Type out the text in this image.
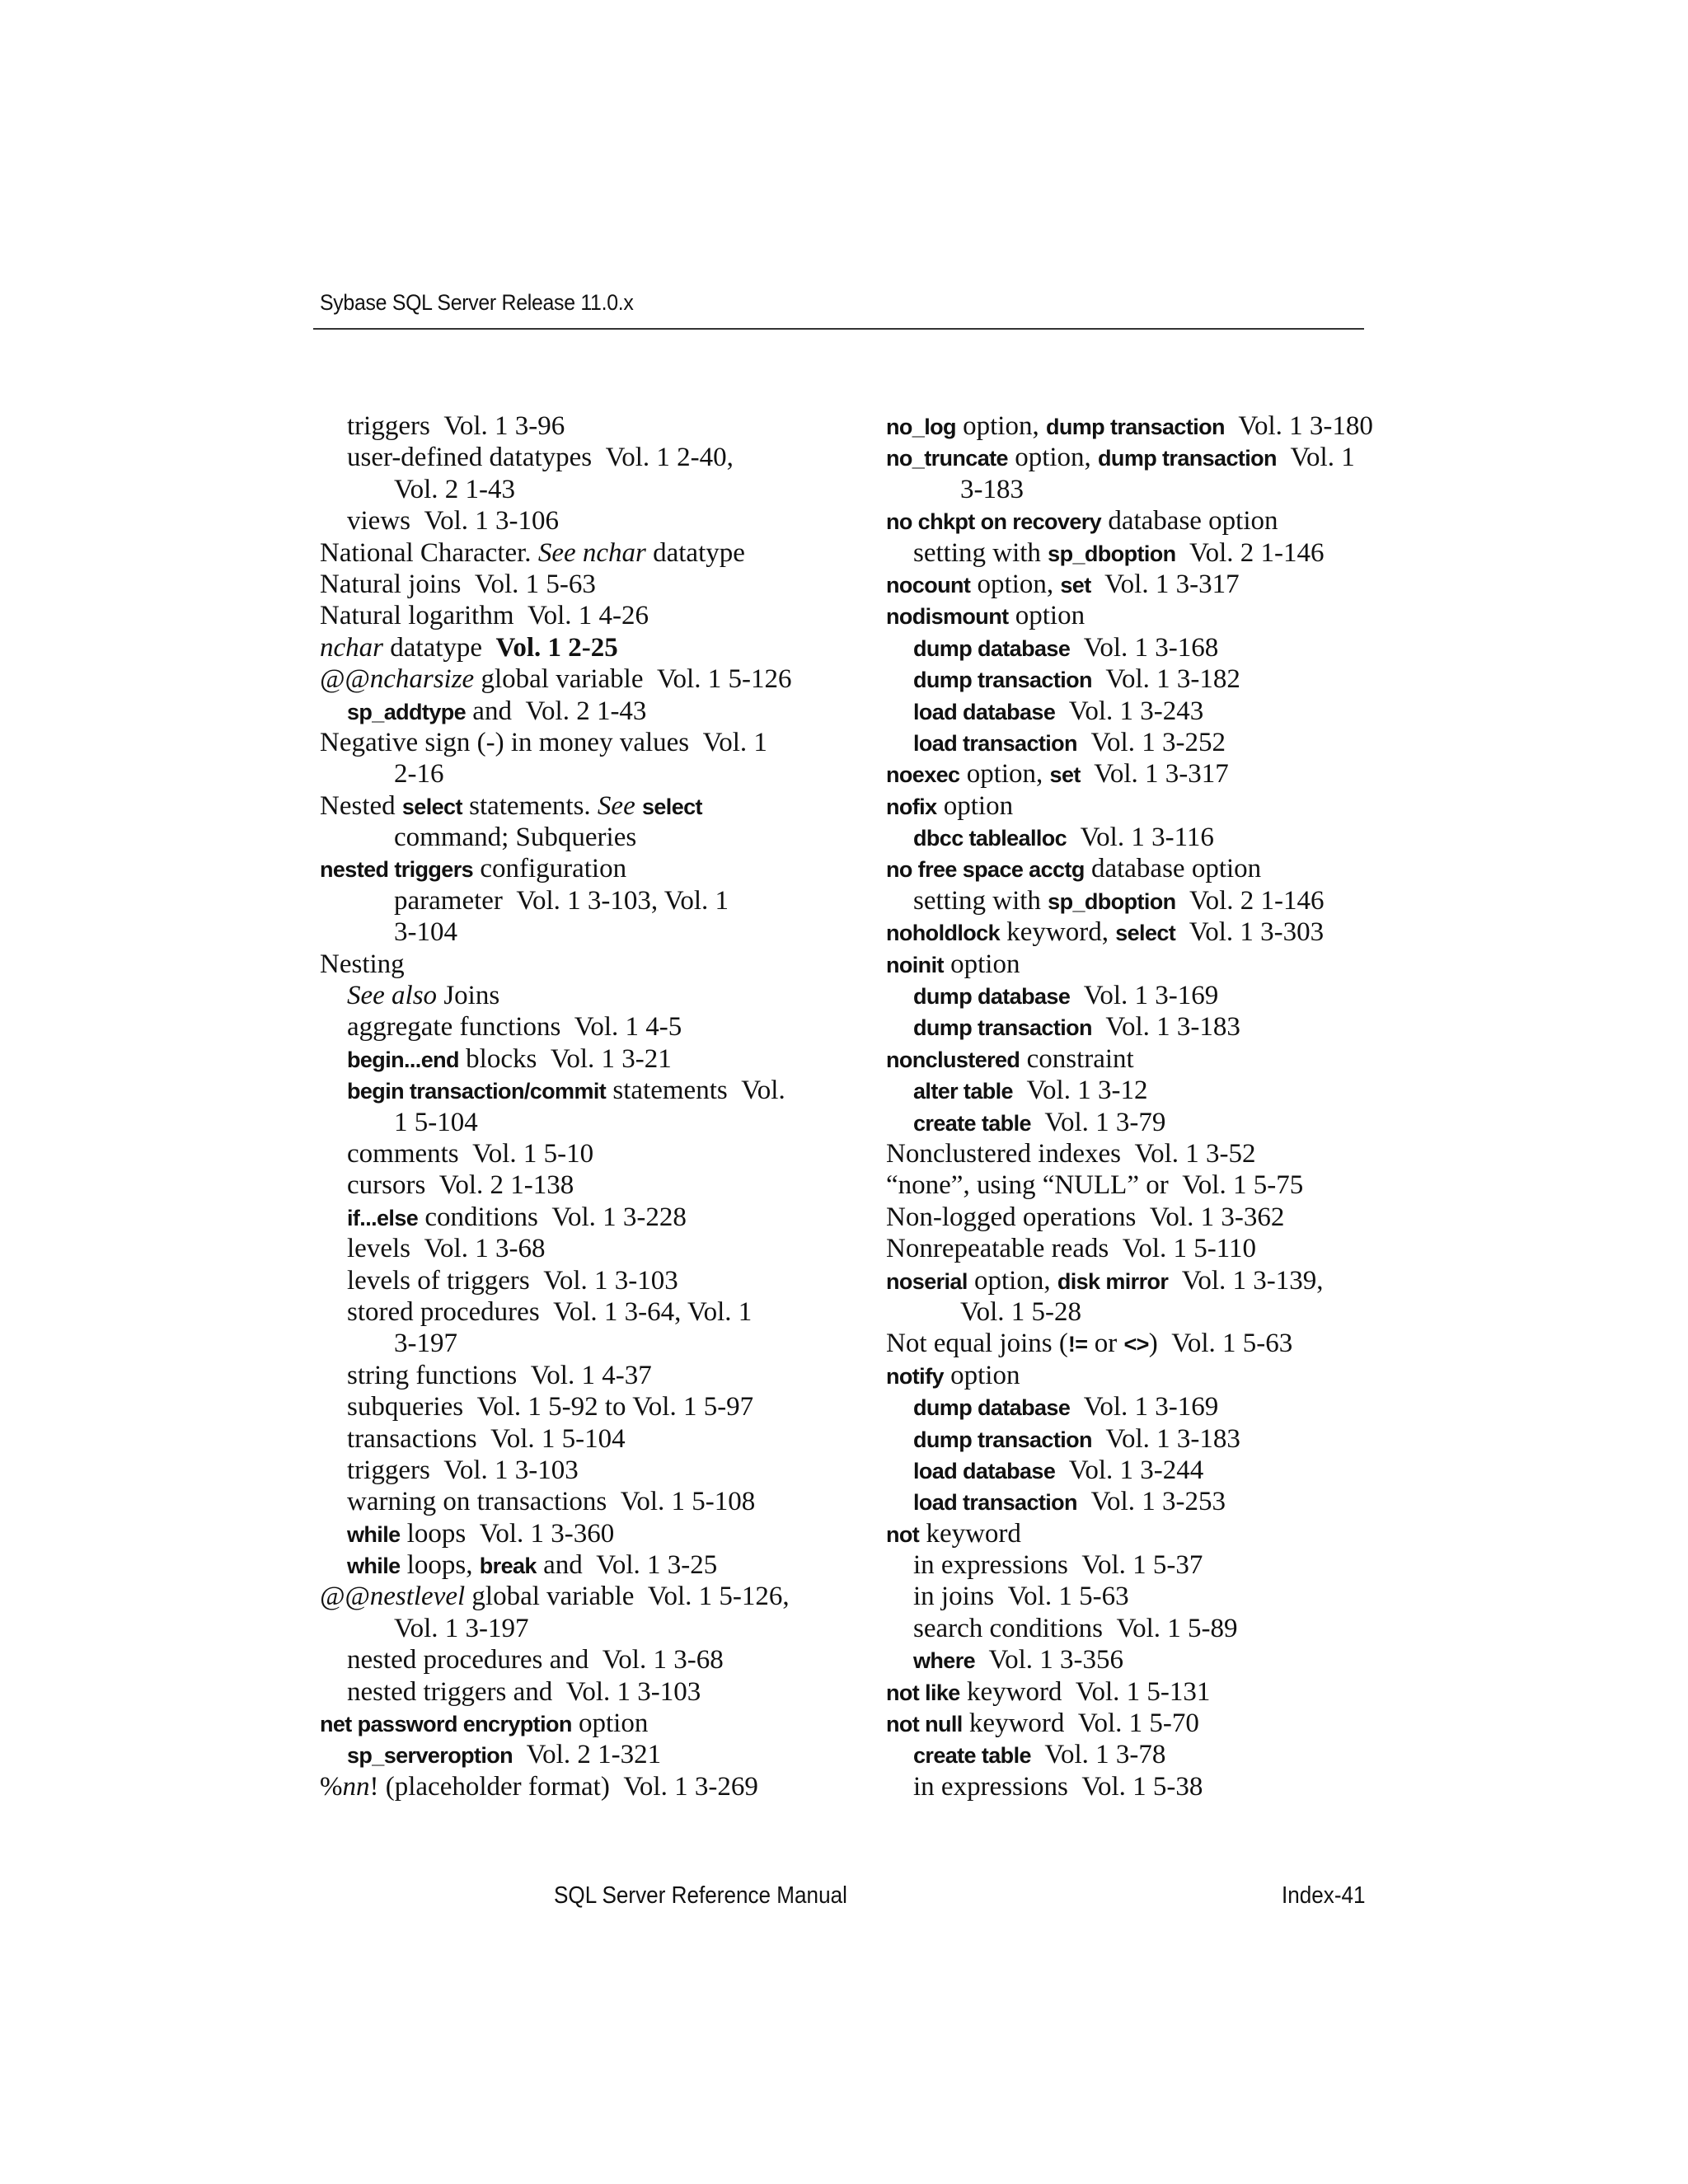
Sybase SQL Server Release 11.0.x
triggers  Vol. 1 3-96
user-defined datatypes  Vol. 1 2-40,
Vol. 2 1-43
views  Vol. 1 3-106
National Character. See nchar datatype
Natural joins  Vol. 1 5-63
Natural logarithm  Vol. 1 4-26
nchar datatype  Vol. 1 2-25
@@ncharsize global variable  Vol. 1 5-126
sp_addtype and  Vol. 2 1-43
Negative sign (-) in money values  Vol. 1
2-16
Nested select statements. See select
command; Subqueries
nested triggers configuration
parameter  Vol. 1 3-103, Vol. 1
3-104
Nesting
See also Joins
aggregate functions  Vol. 1 4-5
begin...end blocks  Vol. 1 3-21
begin transaction/commit statements  Vol.
1 5-104
comments  Vol. 1 5-10
cursors  Vol. 2 1-138
if...else conditions  Vol. 1 3-228
levels  Vol. 1 3-68
levels of triggers  Vol. 1 3-103
stored procedures  Vol. 1 3-64, Vol. 1
3-197
string functions  Vol. 1 4-37
subqueries  Vol. 1 5-92 to Vol. 1 5-97
transactions  Vol. 1 5-104
triggers  Vol. 1 3-103
warning on transactions  Vol. 1 5-108
while loops  Vol. 1 3-360
while loops, break and  Vol. 1 3-25
@@nestlevel global variable  Vol. 1 5-126,
Vol. 1 3-197
nested procedures and  Vol. 1 3-68
nested triggers and  Vol. 1 3-103
net password encryption option
sp_serveroption  Vol. 2 1-321
%nn! (placeholder format)  Vol. 1 3-269
no_log option, dump transaction  Vol. 1 3-180
no_truncate option, dump transaction  Vol. 1
3-183
no chkpt on recovery database option
setting with sp_dboption  Vol. 2 1-146
nocount option, set  Vol. 1 3-317
nodismount option
dump database  Vol. 1 3-168
dump transaction  Vol. 1 3-182
load database  Vol. 1 3-243
load transaction  Vol. 1 3-252
noexec option, set  Vol. 1 3-317
nofix option
dbcc tablealloc  Vol. 1 3-116
no free space acctg database option
setting with sp_dboption  Vol. 2 1-146
noholdlock keyword, select  Vol. 1 3-303
noinit option
dump database  Vol. 1 3-169
dump transaction  Vol. 1 3-183
nonclustered constraint
alter table  Vol. 1 3-12
create table  Vol. 1 3-79
Nonclustered indexes  Vol. 1 3-52
“none”, using “NULL” or  Vol. 1 5-75
Non-logged operations  Vol. 1 3-362
Nonrepeatable reads  Vol. 1 5-110
noserial option, disk mirror  Vol. 1 3-139,
Vol. 1 5-28
Not equal joins (!= or <>)  Vol. 1 5-63
notify option
dump database  Vol. 1 3-169
dump transaction  Vol. 1 3-183
load database  Vol. 1 3-244
load transaction  Vol. 1 3-253
not keyword
in expressions  Vol. 1 5-37
in joins  Vol. 1 5-63
search conditions  Vol. 1 5-89
where  Vol. 1 3-356
not like keyword  Vol. 1 5-131
not null keyword  Vol. 1 5-70
create table  Vol. 1 3-78
in expressions  Vol. 1 5-38
SQL Server Reference Manual	Index-41
